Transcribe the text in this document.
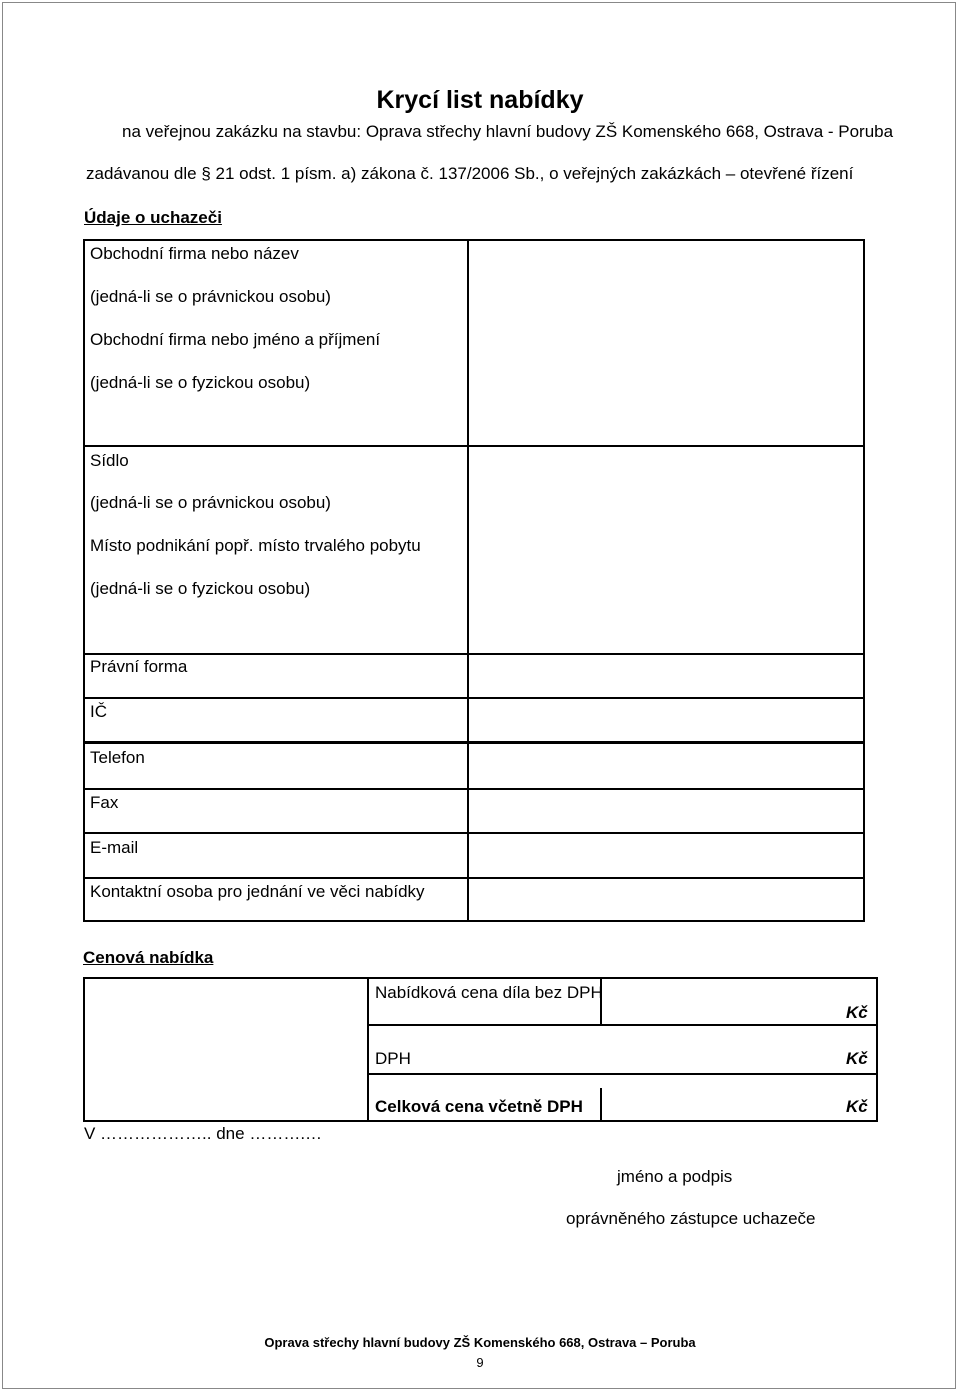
Krycí list nabídky
na veřejnou zakázku na stavbu: Oprava střechy hlavní budovy ZŠ Komenského 668, Ostrava - Poruba
zadávanou dle § 21 odst. 1 písm. a) zákona č. 137/2006 Sb., o veřejných zakázkách – otevřené řízení
Údaje o uchazeči
Obchodní firma nebo název
(jedná-li se o právnickou osobu)
Obchodní firma nebo jméno a příjmení
(jedná-li se o fyzickou osobu)
Sídlo
(jedná-li se o právnickou osobu)
Místo podnikání popř. místo trvalého pobytu
(jedná-li se o fyzickou osobu)
Právní forma
IČ
Telefon
Fax
E-mail
Kontaktní osoba pro jednání ve věci nabídky
Cenová nabídka
Nabídková cena díla bez DPH
Kč
DPH	Kč
Celková cena včetně DPH	Kč
V ……………….. dne ……….…
jméno a podpis
oprávněného zástupce uchazeče
Oprava střechy hlavní budovy ZŠ Komenského 668, Ostrava – Poruba
9
